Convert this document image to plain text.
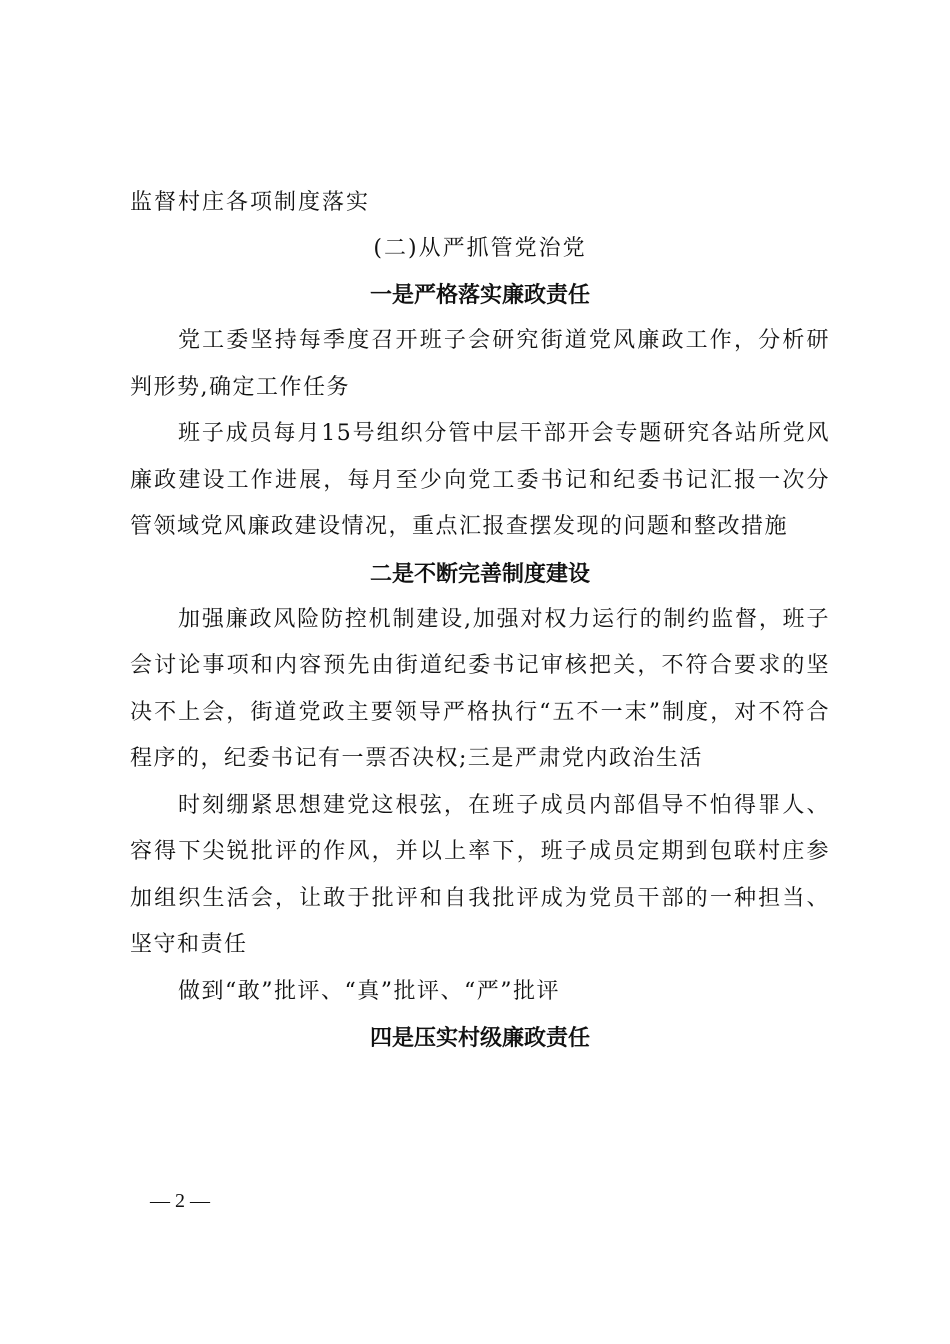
监督村庄各项制度落实
(二)从严抓管党治党
一是严格落实廉政责任

党工委坚持每季度召开班子会研究街道党风廉政工作，分析研判形势,确定工作任务

班子成员每月15号组织分管中层干部开会专题研究各站所党风廉政建设工作进展，每月至少向党工委书记和纪委书记汇报一次分管领域党风廉政建设情况，重点汇报查摆发现的问题和整改措施

二是不断完善制度建设

加强廉政风险防控机制建设,加强对权力运行的制约监督，班子会讨论事项和内容预先由街道纪委书记审核把关，不符合要求的坚决不上会，街道党政主要领导严格执行“五不一末”制度，对不符合程序的，纪委书记有一票否决权;三是严肃党内政治生活

时刻绷紧思想建党这根弦，在班子成员内部倡导不怕得罪人、容得下尖锐批评的作风，并以上率下，班子成员定期到包联村庄参加组织生活会，让敢于批评和自我批评成为党员干部的一种担当、坚守和责任

做到“敢”批评、“真”批评、“严”批评

四是压实村级廉政责任
— 2 —
